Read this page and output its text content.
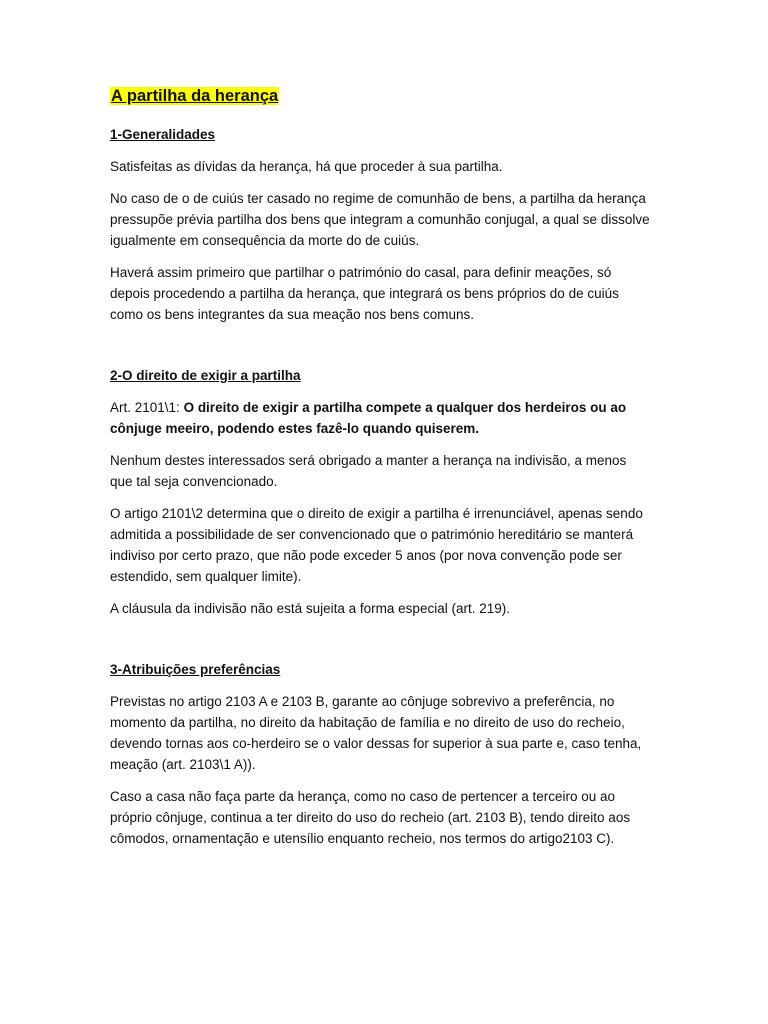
A partilha da herança
1-Generalidades

Satisfeitas as dívidas da herança, há que proceder à sua partilha.

No caso de o de cuiús ter casado no regime de comunhão de bens, a partilha da herança pressupõe prévia partilha dos bens que integram a comunhão conjugal, a qual se dissolve igualmente em consequência da morte do de cuiús.

Haverá assim primeiro que partilhar o património do casal, para definir meações, só depois procedendo a partilha da herança, que integrará os bens próprios do de cuiús como os bens integrantes da sua meação nos bens comuns.

2-O direito de exigir a partilha

Art. 2101\1: O direito de exigir a partilha compete a qualquer dos herdeiros ou ao cônjuge meeiro, podendo estes fazê-lo quando quiserem.

Nenhum destes interessados será obrigado a manter a herança na indivisão, a menos que tal seja convencionado.

O artigo 2101\2 determina que o direito de exigir a partilha é irrenunciável, apenas sendo admitida a possibilidade de ser convencionado que o património hereditário se manterá indiviso por certo prazo, que não pode exceder 5 anos (por nova convenção pode ser estendido, sem qualquer limite).

A cláusula da indivisão não está sujeita a forma especial (art. 219).

3-Atribuições preferências

Previstas no artigo 2103 A e 2103 B, garante ao cônjuge sobrevivo a preferência, no momento da partilha, no direito da habitação de família e no direito de uso do recheio, devendo tornas aos co-herdeiro se o valor dessas for superior à sua parte e, caso tenha, meação (art. 2103\1 A)).

Caso a casa não faça parte da herança, como no caso de pertencer a terceiro ou ao próprio cônjuge, continua a ter direito do uso do recheio (art. 2103 B), tendo direito aos cômodos, ornamentação e utensílio enquanto recheio, nos termos do artigo2103 C).
